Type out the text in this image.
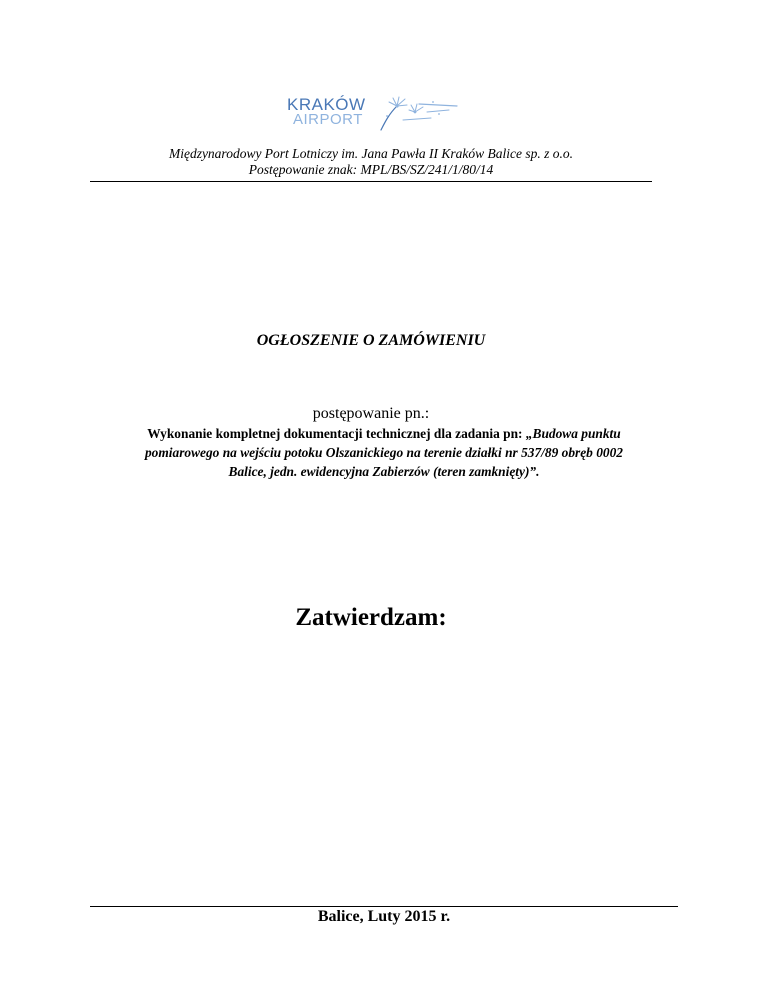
KRAKÓW
AIRPORT
Międzynarodowy Port Lotniczy im. Jana Pawła II Kraków Balice sp. z o.o.
Postępowanie znak: MPL/BS/SZ/241/1/80/14
OGŁOSZENIE O ZAMÓWIENIU
postępowanie pn.:
Wykonanie kompletnej dokumentacji technicznej dla zadania pn: „Budowa punktu
pomiarowego na wejściu potoku Olszanickiego na terenie działki nr 537/89 obręb 0002
Balice, jedn. ewidencyjna Zabierzów (teren zamknięty)”.
Zatwierdzam:
Balice, Luty 2015 r.
